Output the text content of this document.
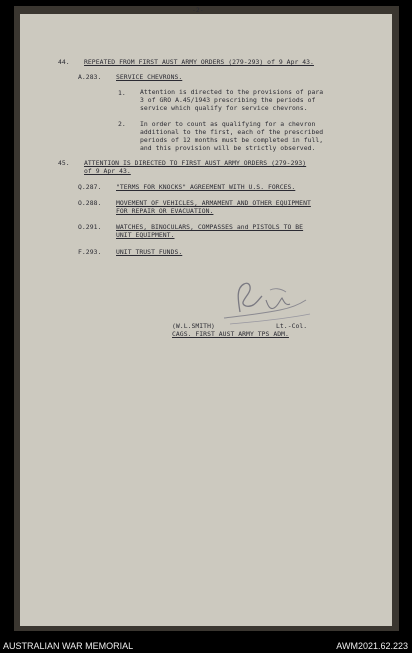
-2-
44. REPEATED FROM FIRST AUST ARMY ORDERS (279-293) of 9 Apr 43.
A.283. SERVICE CHEVRONS.
1. Attention is directed to the provisions of para
3 of GRO A.45/1943 prescribing the periods of
service which qualify for service chevrons.
2. In order to count as qualifying for a chevron
additional to the first, each of the prescribed
periods of 12 months must be completed in full,
and this provision will be strictly observed.
45. ATTENTION IS DIRECTED TO FIRST AUST ARMY ORDERS (279-293)
of 9 Apr 43.
Q.287. "TERMS FOR KNOCKS" AGREEMENT WITH U.S. FORCES.
O.288. MOVEMENT OF VEHICLES, ARMAMENT AND OTHER EQUIPMENT
FOR REPAIR OR EVACUATION.
O.291. WATCHES, BINOCULARS, COMPASSES and PISTOLS TO BE
UNIT EQUIPMENT.
F.293. UNIT TRUST FUNDS.
(W.L.SMITH)	Lt.-Col.
CAGS. FIRST AUST ARMY TPS ADM.
AUSTRALIAN WAR MEMORIAL	AWM2021.62.223
